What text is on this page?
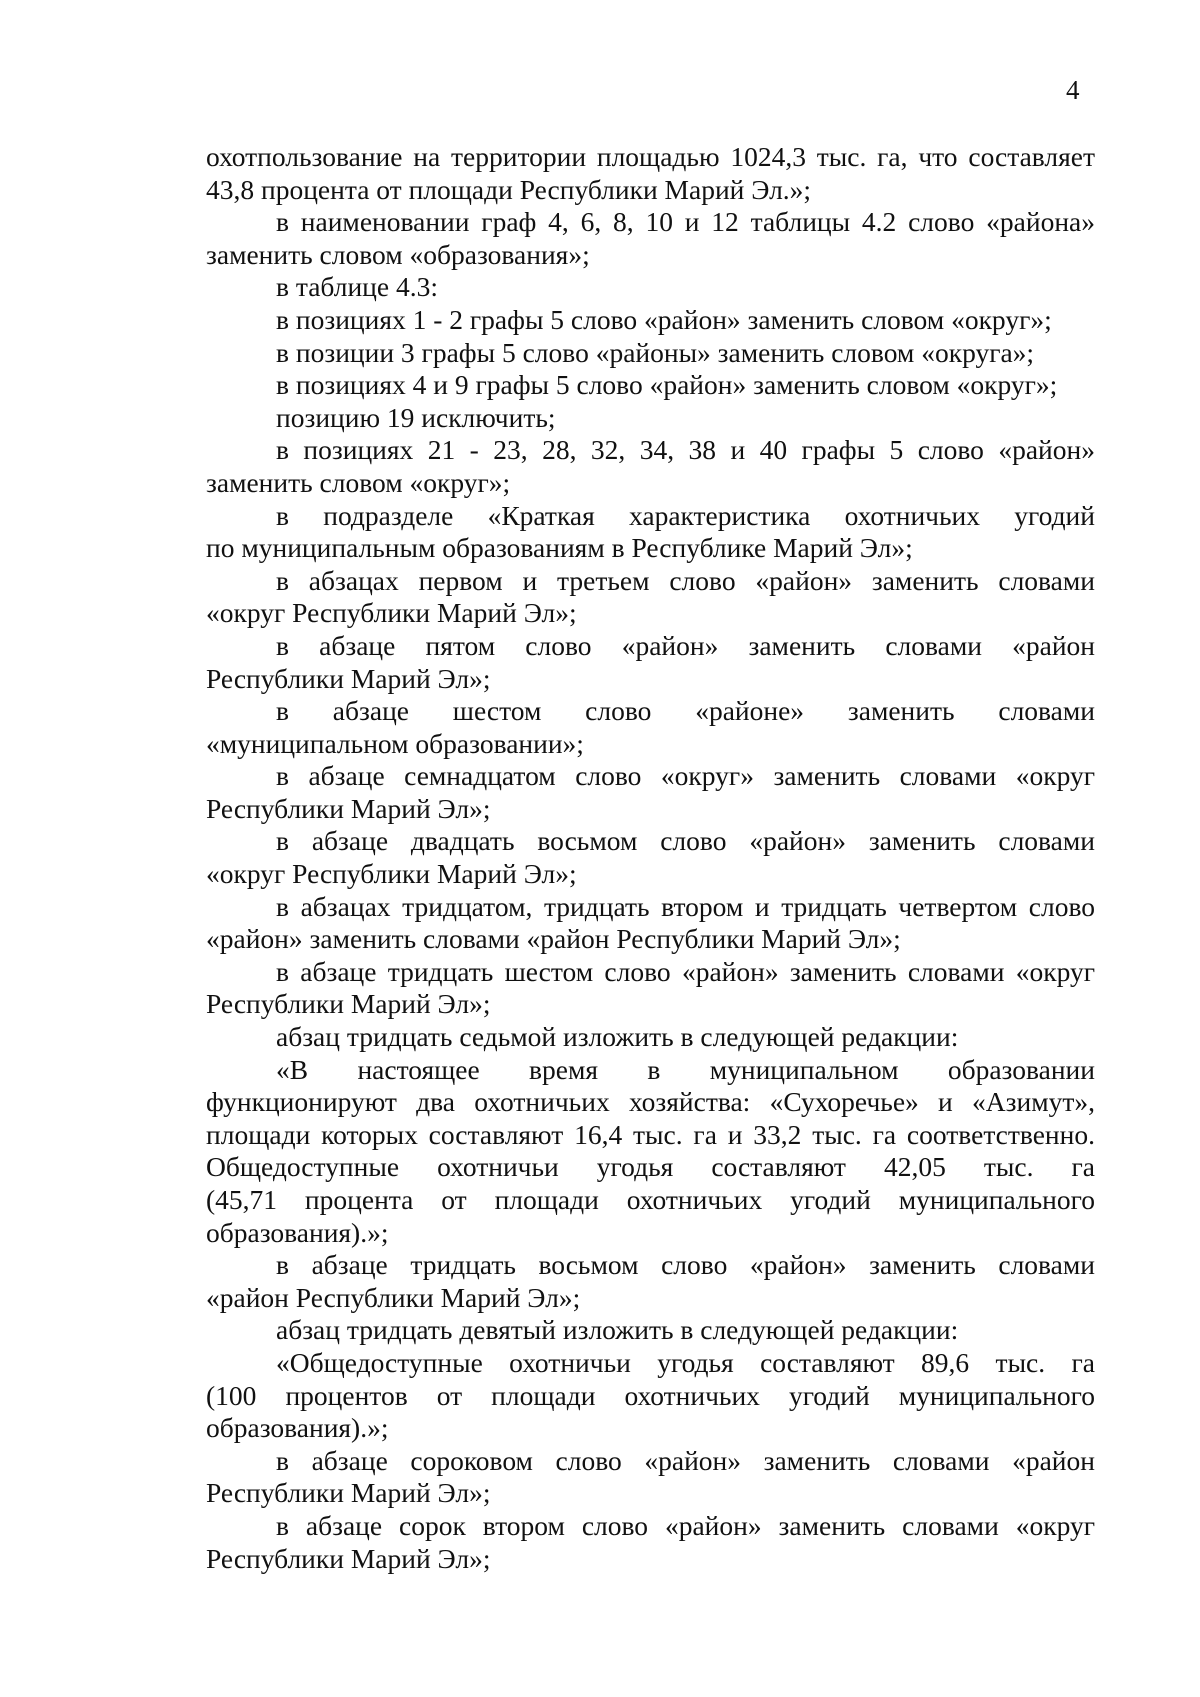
4
охотпользование на территории площадью 1024,3 тыс. га, что составляет
43,8 процента от площади Республики Марий Эл.»;
в наименовании граф 4, 6, 8, 10 и 12 таблицы 4.2 слово «района»
заменить словом «образования»;
в таблице 4.3:
в позициях 1 - 2 графы 5 слово «район» заменить словом «округ»;
в позиции 3 графы 5 слово «районы» заменить словом «округа»;
в позициях 4 и 9 графы 5 слово «район» заменить словом «округ»;
позицию 19 исключить;
в позициях 21 - 23, 28, 32, 34, 38 и 40 графы 5 слово «район»
заменить словом «округ»;
в подразделе «Краткая характеристика охотничьих угодий
по муниципальным образованиям в Республике Марий Эл»;
в абзацах первом и третьем слово «район» заменить словами
«округ Республики Марий Эл»;
в абзаце пятом слово «район» заменить словами «район
Республики Марий Эл»;
в абзаце шестом слово «районе» заменить словами
«муниципальном образовании»;
в абзаце семнадцатом слово «округ» заменить словами «округ
Республики Марий Эл»;
в абзаце двадцать восьмом слово «район» заменить словами
«округ Республики Марий Эл»;
в абзацах тридцатом, тридцать втором и тридцать четвертом слово
«район» заменить словами «район Республики Марий Эл»;
в абзаце тридцать шестом слово «район» заменить словами «округ
Республики Марий Эл»;
абзац тридцать седьмой изложить в следующей редакции:
«В настоящее время в муниципальном образовании
функционируют два охотничьих хозяйства: «Сухоречье» и «Азимут»,
площади которых составляют 16,4 тыс. га и 33,2 тыс. га соответственно.
Общедоступные охотничьи угодья составляют 42,05 тыс. га
(45,71 процента от площади охотничьих угодий муниципального
образования).»;
в абзаце тридцать восьмом слово «район» заменить словами
«район Республики Марий Эл»;
абзац тридцать девятый изложить в следующей редакции:
«Общедоступные охотничьи угодья составляют 89,6 тыс. га
(100 процентов от площади охотничьих угодий муниципального
образования).»;
в абзаце сороковом слово «район» заменить словами «район
Республики Марий Эл»;
в абзаце сорок втором слово «район» заменить словами «округ
Республики Марий Эл»;
